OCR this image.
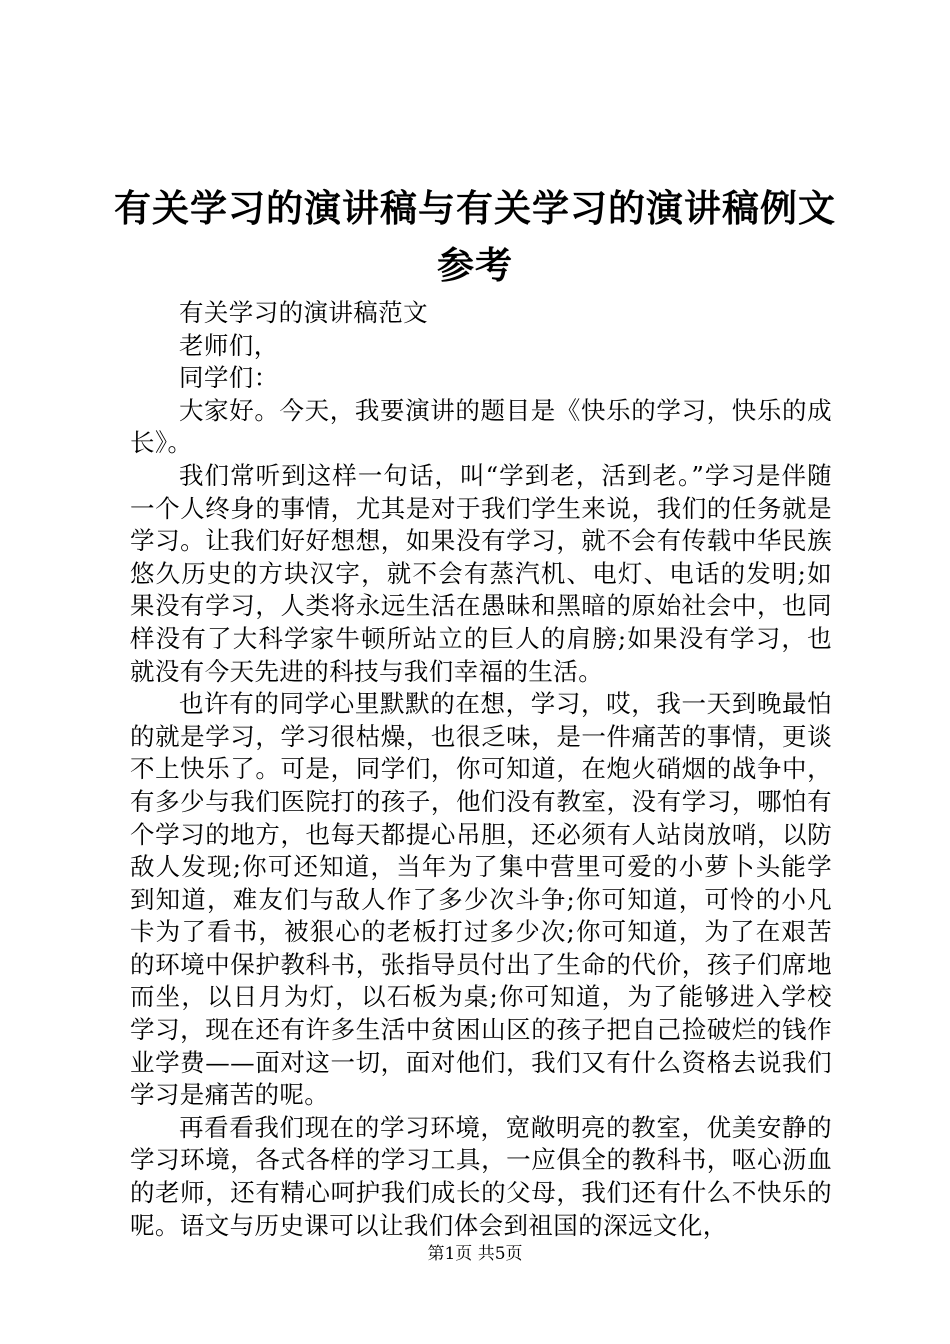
有关学习的演讲稿与有关学习的演讲稿例文参考

有关学习的演讲稿范文

老师们，

同学们：

大家好。今天，我要演讲的题目是《快乐的学习，快乐的成长》。

我们常听到这样一句话，叫“学到老，活到老。”学习是伴随一个人终身的事情，尤其是对于我们学生来说，我们的任务就是学习。让我们好好想想，如果没有学习，就不会有传载中华民族悠久历史的方块汉字，就不会有蒸汽机、电灯、电话的发明;如果没有学习，人类将永远生活在愚昧和黑暗的原始社会中，也同样没有了大科学家牛顿所站立的巨人的肩膀;如果没有学习，也就没有今天先进的科技与我们幸福的生活。

也许有的同学心里默默的在想，学习，哎，我一天到晚最怕的就是学习，学习很枯燥，也很乏味，是一件痛苦的事情，更谈不上快乐了。可是，同学们，你可知道，在炮火硝烟的战争中，有多少与我们医院打的孩子，他们没有教室，没有学习，哪怕有个学习的地方，也每天都提心吊胆，还必须有人站岗放哨，以防敌人发现;你可还知道，当年为了集中营里可爱的小萝卜头能学到知道，难友们与敌人作了多少次斗争;你可知道，可怜的小凡卡为了看书，被狠心的老板打过多少次;你可知道，为了在艰苦的环境中保护教科书，张指导员付出了生命的代价，孩子们席地而坐，以日月为灯，以石板为桌;你可知道，为了能够进入学校学习，现在还有许多生活中贫困山区的孩子把自己捡破烂的钱作业学费——面对这一切，面对他们，我们又有什么资格去说我们学习是痛苦的呢。

再看看我们现在的学习环境，宽敞明亮的教室，优美安静的学习环境，各式各样的学习工具，一应俱全的教科书，呕心沥血的老师，还有精心呵护我们成长的父母，我们还有什么不快乐的呢。语文与历史课可以让我们体会到祖国的深远文化，

第1页 共5页
